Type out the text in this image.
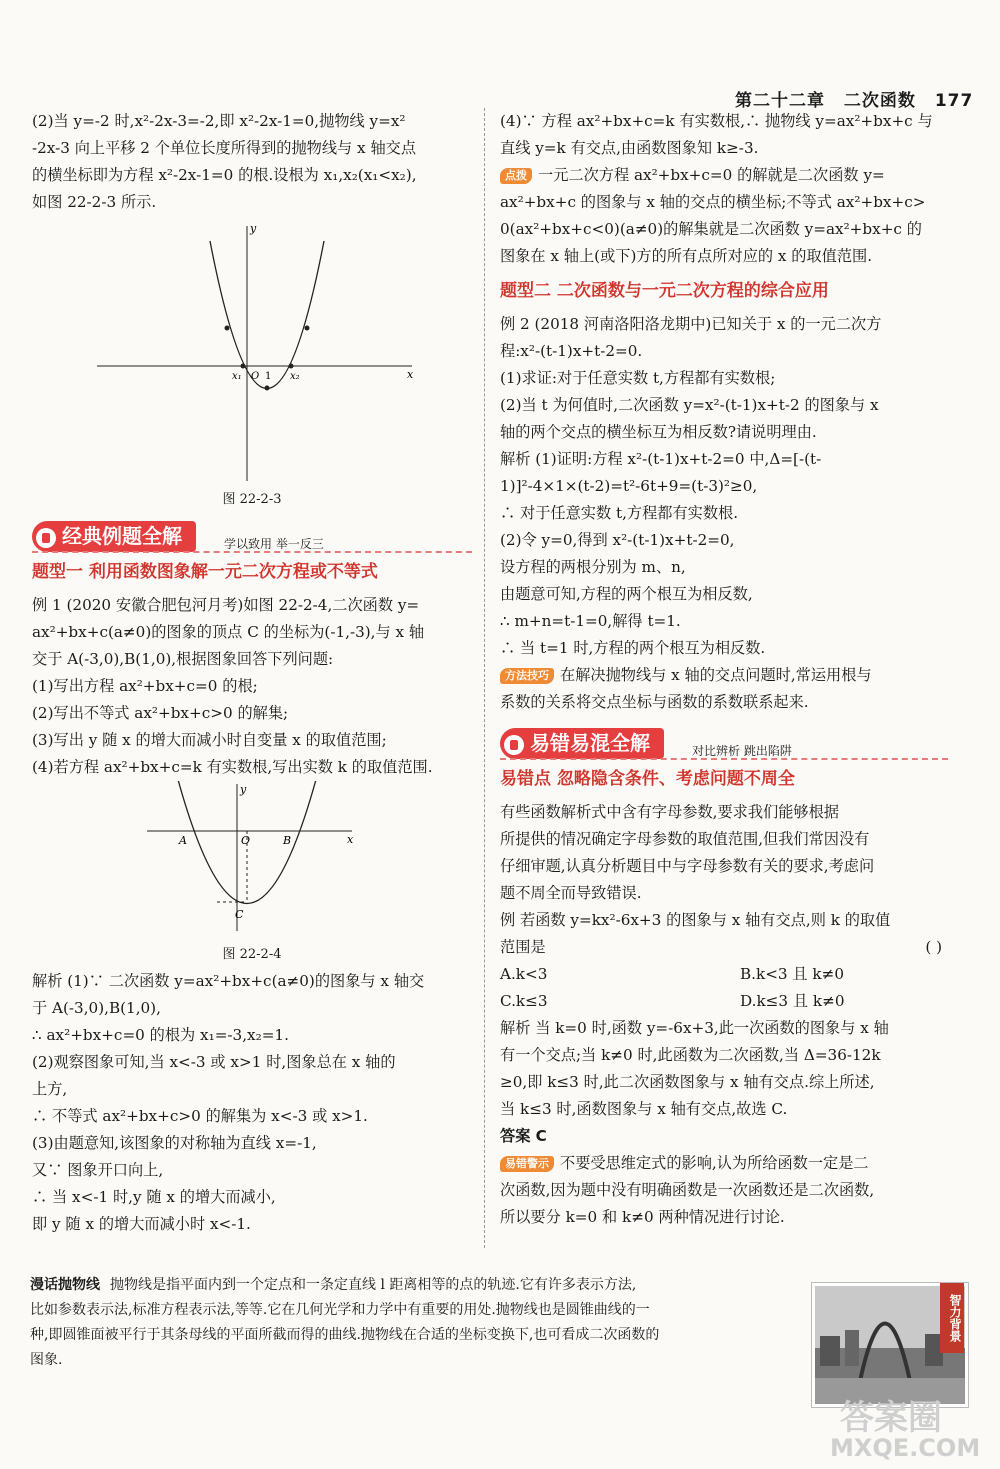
第二十二章 二次函数 177

(2)当 y=-2 时,x²-2x-3=-2,即 x²-2x-1=0,抛物线 y=x²

-2x-3 向上平移 2 个单位长度所得到的抛物线与 x 轴交点

的横坐标即为方程 x²-2x-1=0 的根.设根为 x₁,x₂(x₁<x₂),

如图 22-2-3 所示.

y
x
x₁ O 1 x₂

图 22-2-3

经典例题全解	学以致用 举一反三

题型一 利用函数图象解一元二次方程或不等式

例 1 (2020 安徽合肥包河月考)如图 22-2-4,二次函数 y=

ax²+bx+c(a≠0)的图象的顶点 C 的坐标为(-1,-3),与 x 轴

交于 A(-3,0),B(1,0),根据图象回答下列问题:

(1)写出方程 ax²+bx+c=0 的根;

(2)写出不等式 ax²+bx+c>0 的解集;

(3)写出 y 随 x 的增大而减小时自变量 x 的取值范围;

(4)若方程 ax²+bx+c=k 有实数根,写出实数 k 的取值范围.

y
x
A	O	B
C

图 22-2-4

解析 (1)∵ 二次函数 y=ax²+bx+c(a≠0)的图象与 x 轴交

于 A(-3,0),B(1,0),

∴ ax²+bx+c=0 的根为 x₁=-3,x₂=1.

(2)观察图象可知,当 x<-3 或 x>1 时,图象总在 x 轴的

上方,

∴ 不等式 ax²+bx+c>0 的解集为 x<-3 或 x>1.

(3)由题意知,该图象的对称轴为直线 x=-1,

又∵ 图象开口向上,

∴ 当 x<-1 时,y 随 x 的增大而减小,

即 y 随 x 的增大而减小时 x<-1.

(4)∵ 方程 ax²+bx+c=k 有实数根,∴ 抛物线 y=ax²+bx+c 与

直线 y=k 有交点,由函数图象知 k≥-3.

点拨 一元二次方程 ax²+bx+c=0 的解就是二次函数 y=

ax²+bx+c 的图象与 x 轴的交点的横坐标;不等式 ax²+bx+c>

0(ax²+bx+c<0)(a≠0)的解集就是二次函数 y=ax²+bx+c 的

图象在 x 轴上(或下)方的所有点所对应的 x 的取值范围.

题型二 二次函数与一元二次方程的综合应用

例 2 (2018 河南洛阳洛龙期中)已知关于 x 的一元二次方

程:x²-(t-1)x+t-2=0.

(1)求证:对于任意实数 t,方程都有实数根;

(2)当 t 为何值时,二次函数 y=x²-(t-1)x+t-2 的图象与 x

轴的两个交点的横坐标互为相反数?请说明理由.

解析 (1)证明:方程 x²-(t-1)x+t-2=0 中,Δ=[-(t-

1)]²-4×1×(t-2)=t²-6t+9=(t-3)²≥0,

∴ 对于任意实数 t,方程都有实数根.

(2)令 y=0,得到 x²-(t-1)x+t-2=0,

设方程的两根分别为 m、n,

由题意可知,方程的两个根互为相反数,

∴ m+n=t-1=0,解得 t=1.

∴ 当 t=1 时,方程的两个根互为相反数.

方法技巧 在解决抛物线与 x 轴的交点问题时,常运用根与

系数的关系将交点坐标与函数的系数联系起来.

易错易混全解	对比辨析 跳出陷阱

易错点 忽略隐含条件、考虑问题不周全

有些函数解析式中含有字母参数,要求我们能够根据

所提供的情况确定字母参数的取值范围,但我们常因没有

仔细审题,认真分析题目中与字母参数有关的要求,考虑问

题不周全而导致错误.

例 若函数 y=kx²-6x+3 的图象与 x 轴有交点,则 k 的取值

范围是	( )

A.k<3	B.k<3 且 k≠0

C.k≤3	D.k≤3 且 k≠0

解析 当 k=0 时,函数 y=-6x+3,此一次函数的图象与 x 轴

有一个交点;当 k≠0 时,此函数为二次函数,当 Δ=36-12k

≥0,即 k≤3 时,此二次函数图象与 x 轴有交点.综上所述,

当 k≤3 时,函数图象与 x 轴有交点,故选 C.

答案 C

易错警示 不要受思维定式的影响,认为所给函数一定是二

次函数,因为题中没有明确函数是一次函数还是二次函数,

所以要分 k=0 和 k≠0 两种情况进行讨论.

漫话抛物线 抛物线是指平面内到一个定点和一条定直线 l 距离相等的点的轨迹.它有许多表示方法,

比如参数表示法,标准方程表示法,等等.它在几何光学和力学中有重要的用处.抛物线也是圆锥曲线的一

种,即圆锥面被平行于其条母线的平面所截而得的曲线.抛物线在合适的坐标变换下,也可看成二次函数的

图象.

智力背景
答案圈
MXQE.COM
